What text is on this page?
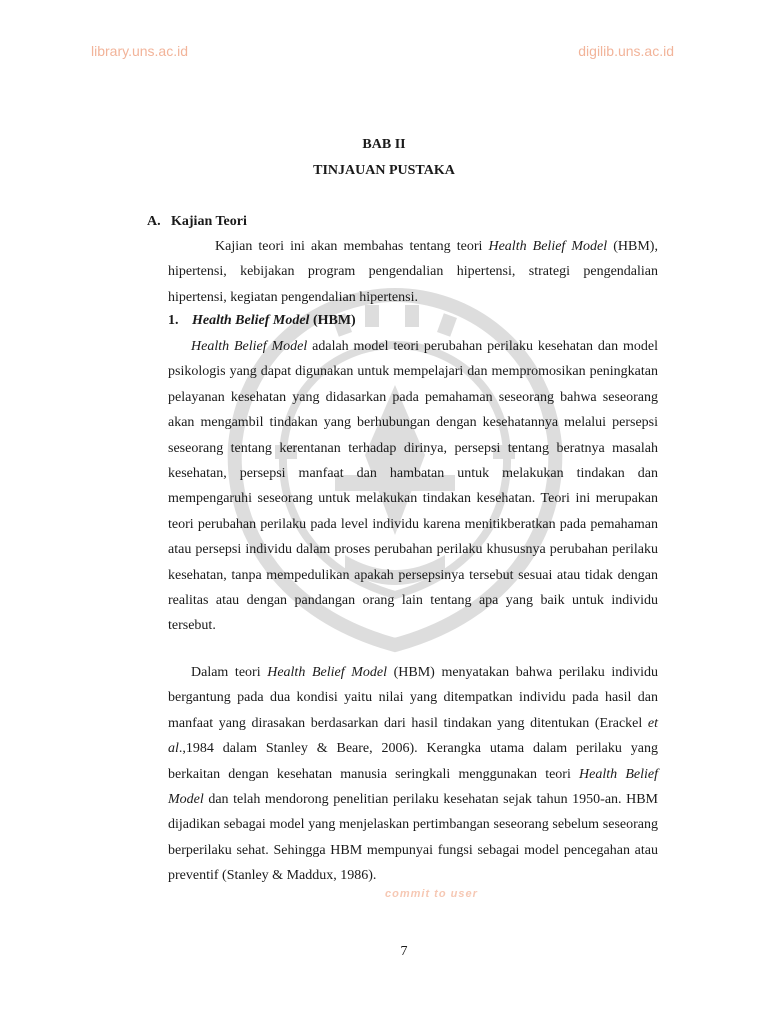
library.uns.ac.id	digilib.uns.ac.id
BAB II
TINJAUAN PUSTAKA
A. Kajian Teori
Kajian teori ini akan membahas tentang teori Health Belief Model (HBM), hipertensi, kebijakan program pengendalian hipertensi, strategi pengendalian hipertensi, kegiatan pengendalian hipertensi.
1. Health Belief Model (HBM)
Health Belief Model adalah model teori perubahan perilaku kesehatan dan model psikologis yang dapat digunakan untuk mempelajari dan mempromosikan peningkatan pelayanan kesehatan yang didasarkan pada pemahaman seseorang bahwa seseorang akan mengambil tindakan yang berhubungan dengan kesehatannya melalui persepsi seseorang tentang kerentanan terhadap dirinya, persepsi tentang beratnya masalah kesehatan, persepsi manfaat dan hambatan untuk melakukan tindakan dan mempengaruhi seseorang untuk melakukan tindakan kesehatan. Teori ini merupakan teori perubahan perilaku pada level individu karena menitikberatkan pada pemahaman atau persepsi individu dalam proses perubahan perilaku khususnya perubahan perilaku kesehatan, tanpa mempedulikan apakah persepsinya tersebut sesuai atau tidak dengan realitas atau dengan pandangan orang lain tentang apa yang baik untuk individu tersebut.
Dalam teori Health Belief Model (HBM) menyatakan bahwa perilaku individu bergantung pada dua kondisi yaitu nilai yang ditempatkan individu pada hasil dan manfaat yang dirasakan berdasarkan dari hasil tindakan yang ditentukan (Erackel et al.,1984 dalam Stanley & Beare, 2006). Kerangka utama dalam perilaku yang berkaitan dengan kesehatan manusia seringkali menggunakan teori Health Belief Model dan telah mendorong penelitian perilaku kesehatan sejak tahun 1950-an. HBM dijadikan sebagai model yang menjelaskan pertimbangan seseorang sebelum seseorang berperilaku sehat. Sehingga HBM mempunyai fungsi sebagai model pencegahan atau preventif (Stanley & Maddux, 1986).
commit to user
7
